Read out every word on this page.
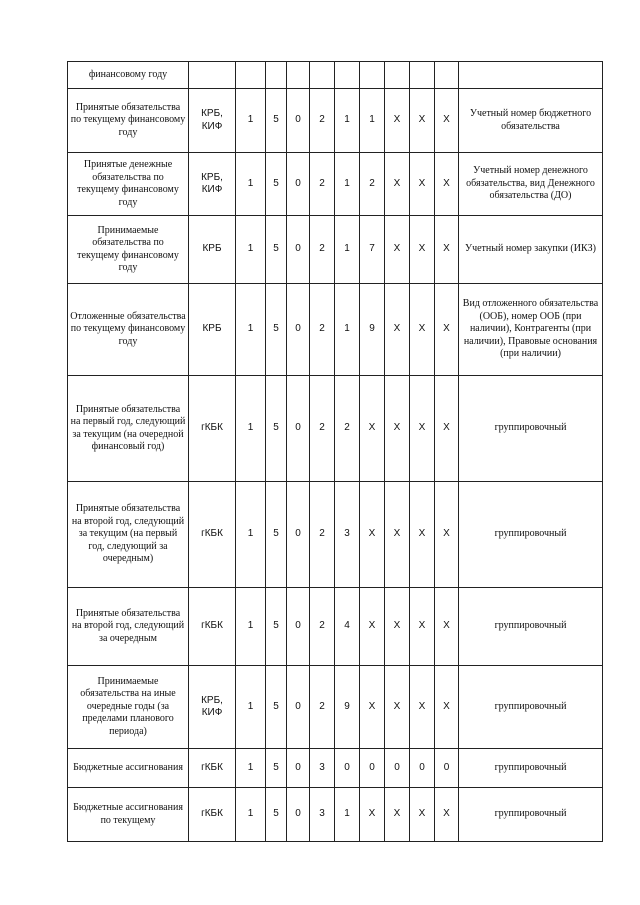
финансовому году											
Принятые обязательства по текущему финансовому году	КРБ, КИФ	1	5	0	2	1	1	X	X	X	Учетный номер бюджетного обязательства
Принятые денежные обязательства по текущему финансовому году	КРБ, КИФ	1	5	0	2	1	2	X	X	X	Учетный номер денежного обязательства, вид Денежного обязательства (ДО)
Принимаемые обязательства по текущему финансовому году	КРБ	1	5	0	2	1	7	X	X	X	Учетный номер закупки (ИКЗ)
Отложенные обязательства по текущему финансовому году	КРБ	1	5	0	2	1	9	X	X	X	Вид отложенного обязательства (ООБ), номер ООБ (при наличии), Контрагенты (при наличии), Правовые основания (при наличии)
Принятые обязательства на первый год, следующий за текущим (на очередной финансовый год)	гКБК	1	5	0	2	2	X	X	X	X	группировочный
Принятые обязательства на второй год, следующий за текущим (на первый год, следующий за очередным)	гКБК	1	5	0	2	3	X	X	X	X	группировочный
Принятые обязательства на второй год, следующий за очередным	гКБК	1	5	0	2	4	X	X	X	X	группировочный
Принимаемые обязательства на иные очередные годы (за пределами планового периода)	КРБ, КИФ	1	5	0	2	9	X	X	X	X	группировочный
Бюджетные ассигнования	гКБК	1	5	0	3	0	0	0	0	0	группировочный
Бюджетные ассигнования по текущему	гКБК	1	5	0	3	1	X	X	X	X	группировочный
